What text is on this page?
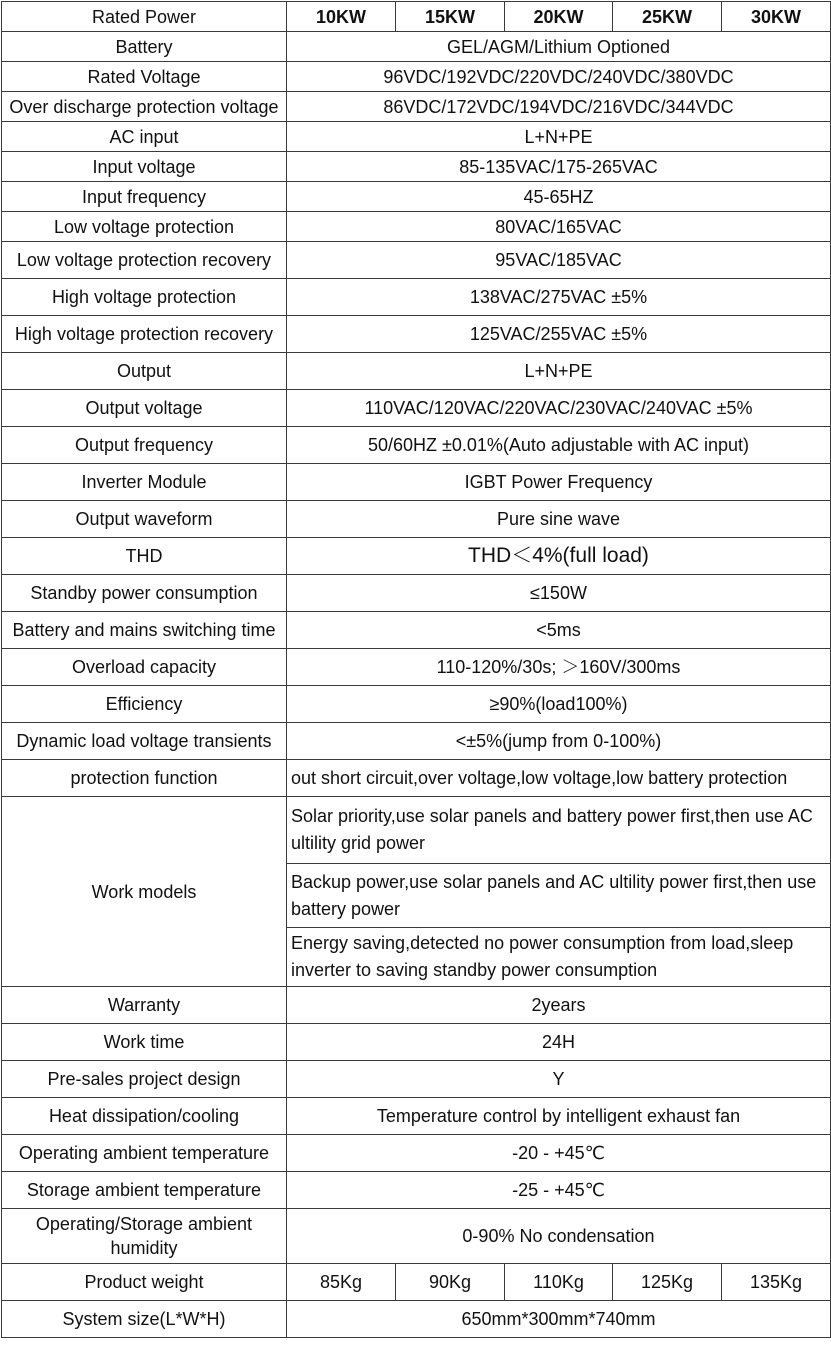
Rated Power	10KW	15KW	20KW	25KW	30KW
Battery	GEL/AGM/Lithium Optioned				
Rated Voltage	96VDC/192VDC/220VDC/240VDC/380VDC				
Over discharge protection voltage	86VDC/172VDC/194VDC/216VDC/344VDC				
AC input	L+N+PE				
Input voltage	85-135VAC/175-265VAC				
Input frequency	45-65HZ				
Low voltage protection	80VAC/165VAC				
Low voltage protection recovery	95VAC/185VAC				
High voltage protection	138VAC/275VAC ±5%				
High voltage protection recovery	125VAC/255VAC ±5%				
Output	L+N+PE				
Output voltage	110VAC/120VAC/220VAC/230VAC/240VAC ±5%				
Output frequency	50/60HZ ±0.01%(Auto adjustable with AC input)				
Inverter Module	IGBT Power Frequency				
Output waveform	Pure sine wave				
THD	THD＜4%(full load)				
Standby power consumption	≤150W				
Battery and mains switching time	<5ms				
Overload capacity	110-120%/30s; ＞160V/300ms				
Efficiency	≥90%(load100%)				
Dynamic load voltage transients	<±5%(jump from 0-100%)				
protection function	out short circuit,over voltage,low voltage,low battery protection				
Work models	Solar priority,use solar panels and battery power first,then use AC ultility grid power				
	Backup power,use solar panels and AC ultility power first,then use battery power				
	Energy saving,detected no power consumption from load,sleep inverter to saving standby power consumption				
Warranty	2years				
Work time	24H				
Pre-sales project design	Y				
Heat dissipation/cooling	Temperature control by intelligent exhaust fan				
Operating ambient temperature	-20 - +45℃				
Storage ambient temperature	-25 - +45℃				
Operating/Storage ambient humidity	0-90% No condensation				
Product weight	85Kg	90Kg	110Kg	125Kg	135Kg
System size(L*W*H)	650mm*300mm*740mm				
